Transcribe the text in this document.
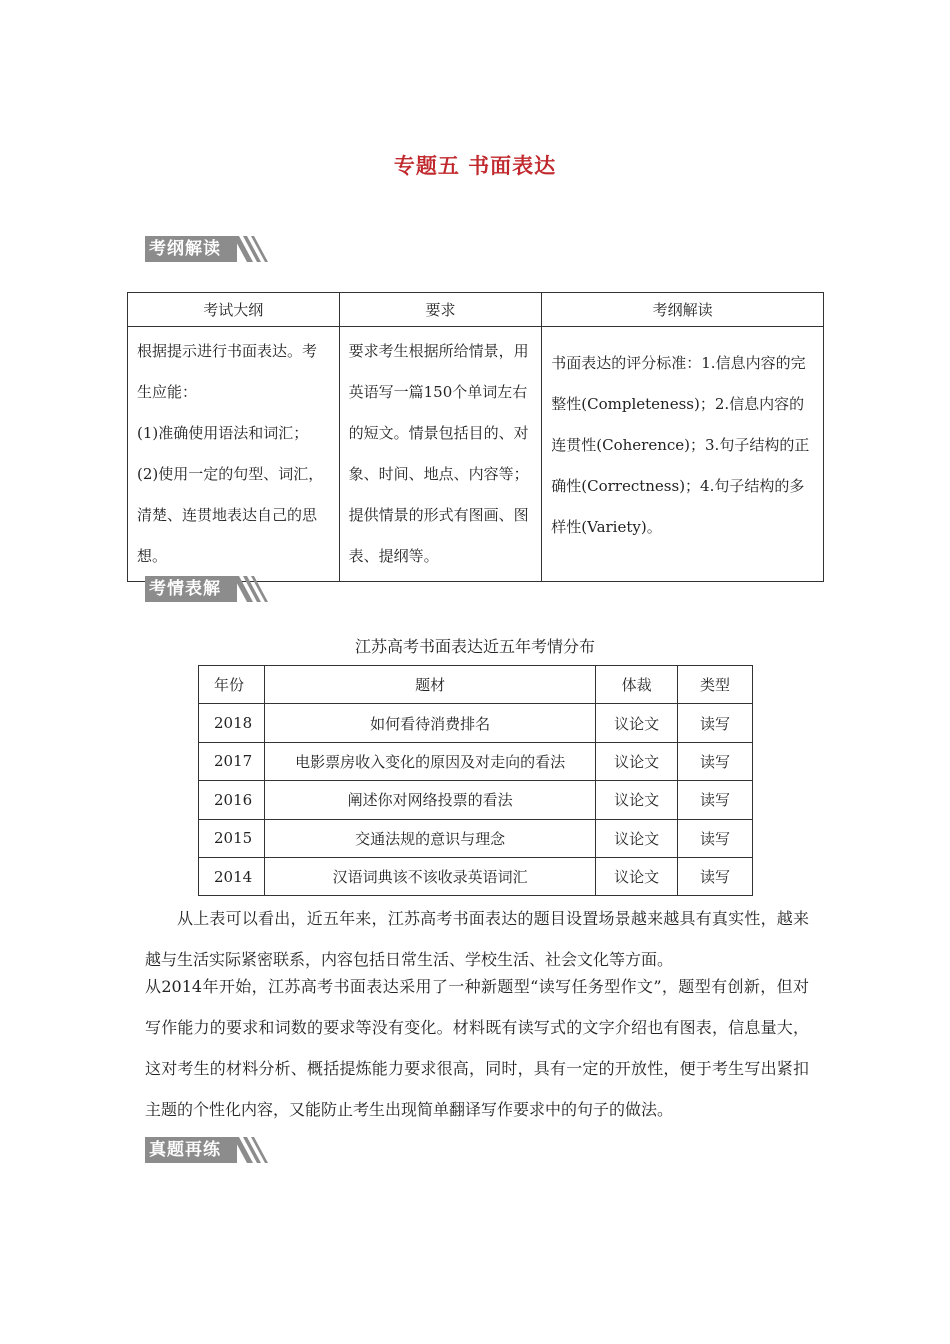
专题五 书面表达
考纲解读
考试大纲	要求	考纲解读

根据提示进行书面表达。考生应能：
(1)准确使用语法和词汇；
(2)使用一定的句型、词汇，清楚、连贯地表达自己的思想。	要求考生根据所给情景，用英语写一篇150个单词左右的短文。情景包括目的、对象、时间、地点、内容等；提供情景的形式有图画、图表、提纲等。	书面表达的评分标准：1.信息内容的完整性(Completeness)；2.信息内容的连贯性(Coherence)；3.句子结构的正确性(Correctness)；4.句子结构的多样性(Variety)。
考情表解
江苏高考书面表达近五年考情分布
年份	题材	体裁	类型
2018	如何看待消费排名	议论文	读写
2017	电影票房收入变化的原因及对走向的看法	议论文	读写
2016	阐述你对网络投票的看法	议论文	读写
2015	交通法规的意识与理念	议论文	读写
2014	汉语词典该不该收录英语词汇	议论文	读写
从上表可以看出，近五年来，江苏高考书面表达的题目设置场景越来越具有真实性，越来越与生活实际紧密联系，内容包括日常生活、学校生活、社会文化等方面。
从2014年开始，江苏高考书面表达采用了一种新题型“读写任务型作文”，题型有创新，但对写作能力的要求和词数的要求等没有变化。材料既有读写式的文字介绍也有图表，信息量大，这对考生的材料分析、概括提炼能力要求很高，同时，具有一定的开放性，便于考生写出紧扣主题的个性化内容，又能防止考生出现简单翻译写作要求中的句子的做法。
真题再练
